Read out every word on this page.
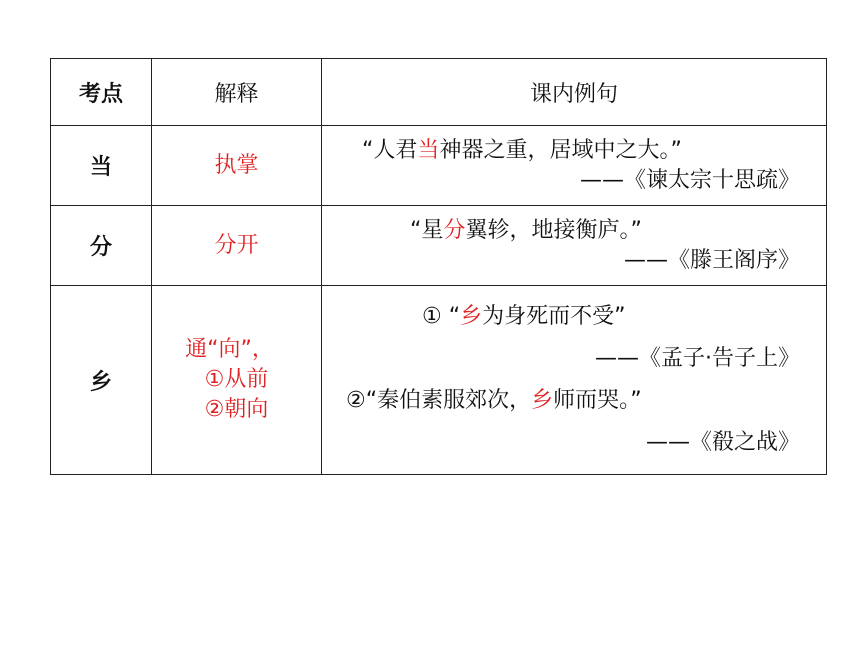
考点	解释	课内例句
当	执掌	“人君当神器之重，居域中之大。”
——《谏太宗十思疏》

分	分开	“星分翼轸，地接衡庐。”
——《滕王阁序》

乡	通“向”，
①从前
②朝向	① “乡为身死而不受”
——《孟子·告子上》
②“秦伯素服郊次，乡师而哭。”
——《殽之战》
